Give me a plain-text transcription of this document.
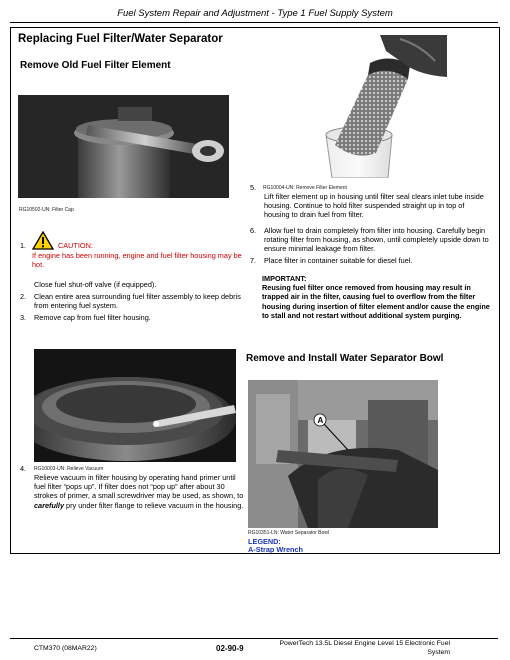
Fuel System Repair and Adjustment - Type 1 Fuel Supply System
Replacing Fuel Filter/Water Separator
Remove Old Fuel Filter Element
RG10502-UN: Filter Cap
RG10004-UN: Remove Filter Element
5.
Lift filter element up in housing until filter seal clears inlet tube inside housing. Continue to hold filter suspended straight up in top of housing to drain fuel from filter.
6. Allow fuel to drain completely from filter into housing. Carefully begin rotating filter from housing, as shown, until completely upside down to ensure minimal leakage from filter.
7. Place filter in container suitable for diesel fuel.
IMPORTANT:
Reusing fuel filter once removed from housing may result in trapped air in the filter, causing fuel to overflow from the filter housing during insertion of filter element and/or cause the engine to stall and not restart without additional system purging.
1.	CAUTION:
If engine has been running, engine and fuel filter housing may be hot.
Close fuel shut-off valve (if equipped).
2. Clean entire area surrounding fuel filter assembly to keep debris from entering fuel system.
3. Remove cap from fuel filter housing.
4. RG10003-UN: Relieve Vacuum
Relieve vacuum in filter housing by operating hand primer until fuel filter “pops up”. If filter does not “pop up” after about 30 strokes of primer, a small screwdriver may be used, as shown, to carefully pry under filter flange to relieve vacuum in the housing.
Remove and Install Water Separator Bowl
A
RG10351-LN: Water Separator Bowl
LEGEND:
A-Strap Wrench
CTM370 (08MAR22)	02-90-9
PowerTech 13.5L Diesel Engine Level 15 Electronic Fuel
System
